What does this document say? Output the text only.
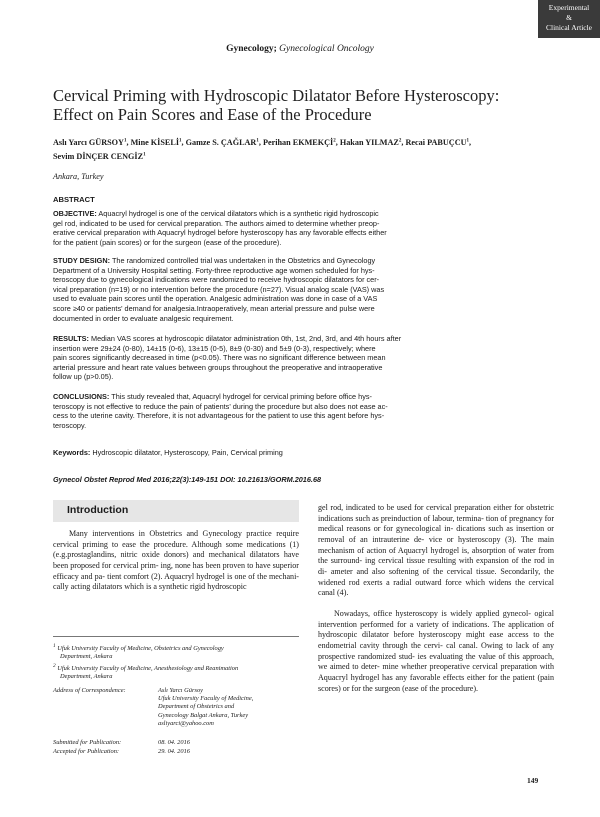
Experimental
&
Clinical Article
Gynecology; Gynecological Oncology
Cervical Priming with Hydroscopic Dilatator Before Hysteroscopy:
Effect on Pain Scores and Ease of the Procedure
Aslı Yarcı GÜRSOY$^1$, Mine KİSELİ$^1$, Gamze S. ÇAĞLAR$^1$, Perihan EKMEKÇİ$^2$, Hakan YILMAZ$^2$, Recai PABUÇCU$^1$,
Sevim DİNÇER CENGİZ$^1$
Ankara, Turkey
ABSTRACT
OBJECTIVE: Aquacryl hydrogel is one of the cervical dilatators which is a synthetic rigid hydroscopic
gel rod, indicated to be used for cervical preparation. The authors aimed to determine whether preop-
erative cervical preparation with Aquacryl hydrogel before hysteroscopy has any favorable effects either
for the patient (pain scores) or for the surgeon (ease of the procedure).
STUDY DESIGN: The randomized controlled trial was undertaken in the Obstetrics and Gynecology
Department of a University Hospital setting. Forty-three reproductive age women scheduled for hys-
teroscopy due to gynecological indications were randomized to receive hydroscopic dilatators for cer-
vical preparation (n=19) or no intervention before the procedure (n=27). Visual analog scale (VAS) was
used to evaluate pain scores until the operation. Analgesic administration was done in case of a VAS
score ≥40 or patients' demand for analgesia.Intraoperatively, mean arterial pressure and pulse were
documented in order to evaluate analgesic requirement.
RESULTS: Median VAS scores at hydroscopic dilatator administration 0th, 1st, 2nd, 3rd, and 4th hours after
insertion were 29±24 (0-80), 14±15 (0-6), 13±15 (0-5), 8±9 (0-30) and 5±9 (0-3), respectively; where
pain scores significantly decreased in time (p<0.05). There was no significant difference between mean
arterial pressure and heart rate values between groups throughout the preoperative and intraoperative
follow up (p>0.05).
CONCLUSIONS: This study revealed that, Aquacryl hydrogel for cervical priming before office hys-
teroscopy is not effective to reduce the pain of patients' during the procedure but also does not ease ac-
cess to the uterine cavity. Therefore, it is not advantageous for the patient to use this agent before hys-
teroscopy.
Keywords: Hydroscopic dilatator, Hysteroscopy, Pain, Cervical priming
Gynecol Obstet Reprod Med 2016;22(3):149-151 DOI: 10.21613/GORM.2016.68
Introduction

Many interventions in Obstetrics and Gynecology practice require cervical priming to ease the procedure. Although some medications (1) (e.g.prostaglandins, nitric oxide donors) and mechanical dilatators have been proposed for cervical prim- ing, none has been proven to have superior efficacy and pa- tient comfort (2). Aquacryl hydrogel is one of the mechani- cally acting dilatators which is a synthetic rigid hydroscopic

$^1$ Ufuk University Faculty of Medicine, Obstetrics and Gynecology
Department, Ankara
$^2$ Ufuk University Faculty of Medicine, Anesthesiology and Reanimation
Department, Ankara
Address of Correspondence:	Aslı Yarcı Gürsoy
Ufuk University Faculty of Medicine,
Department of Obstetrics and
Gynecology Balgat Ankara, Turkey
asliyarci@yahoo.com
Submitted for Publication:	08. 04. 2016
Accepted for Publication:	29. 04. 2016
gel rod, indicated to be used for cervical preparation either for obstetric indications such as preinduction of labour, termina- tion of pregnancy for medical reasons or for gynecological in- dications such as insertion or removal of an intrauterine de- vice or hysteroscopy (3). The main mechanism of action of Aquacryl hydrogel is, absorption of water from the surround- ing cervical tissue resulting with expansion of the rod in di- ameter and also softening of the cervical tissue. Secondarily, the widened rod exerts a radial outward force which widens the cervical canal (4).

Nowadays, office hysteroscopy is widely applied gynecol- ogical intervention performed for a variety of indications. The application of hydroscopic dilatator before hysteroscopy might ease access to the endometrial cavity through the cervi- cal canal. Owing to lack of any prospective randomized stud- ies evaluating the value of this approach, we aimed to deter- mine whether preoperative cervical preparation with Aquacryl hydrogel has any favorable effects either for the patient (pain scores) or for the surgeon (ease of the procedure).

149
